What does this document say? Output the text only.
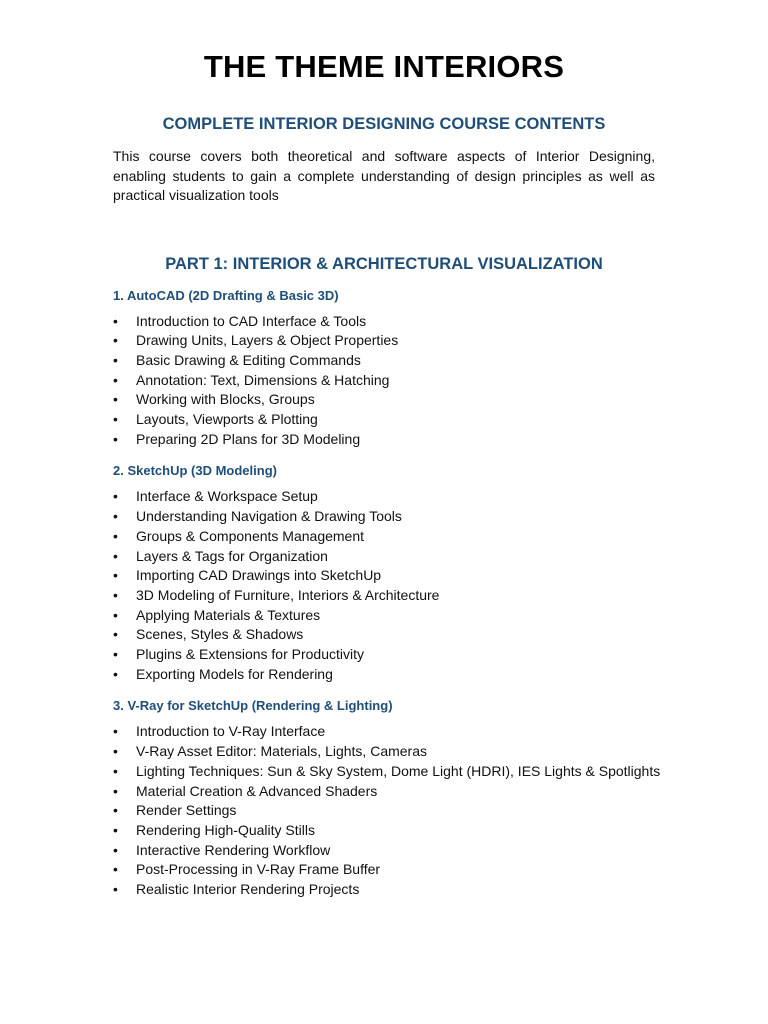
THE THEME INTERIORS
COMPLETE INTERIOR DESIGNING COURSE CONTENTS

This course covers both theoretical and software aspects of Interior Designing, enabling students to gain a complete understanding of design principles as well as practical visualization tools

PART 1: INTERIOR & ARCHITECTURAL VISUALIZATION
1. AutoCAD (2D Drafting & Basic 3D)
• Introduction to CAD Interface & Tools
• Drawing Units, Layers & Object Properties
• Basic Drawing & Editing Commands
• Annotation: Text, Dimensions & Hatching
• Working with Blocks, Groups
• Layouts, Viewports & Plotting
• Preparing 2D Plans for 3D Modeling
2. SketchUp (3D Modeling)
• Interface & Workspace Setup
• Understanding Navigation & Drawing Tools
• Groups & Components Management
• Layers & Tags for Organization
• Importing CAD Drawings into SketchUp
• 3D Modeling of Furniture, Interiors & Architecture
• Applying Materials & Textures
• Scenes, Styles & Shadows
• Plugins & Extensions for Productivity
• Exporting Models for Rendering
3. V-Ray for SketchUp (Rendering & Lighting)
• Introduction to V-Ray Interface
• V-Ray Asset Editor: Materials, Lights, Cameras
• Lighting Techniques: Sun & Sky System, Dome Light (HDRI), IES Lights & Spotlights
• Material Creation & Advanced Shaders
• Render Settings
• Rendering High-Quality Stills
• Interactive Rendering Workflow
• Post-Processing in V-Ray Frame Buffer
• Realistic Interior Rendering Projects
